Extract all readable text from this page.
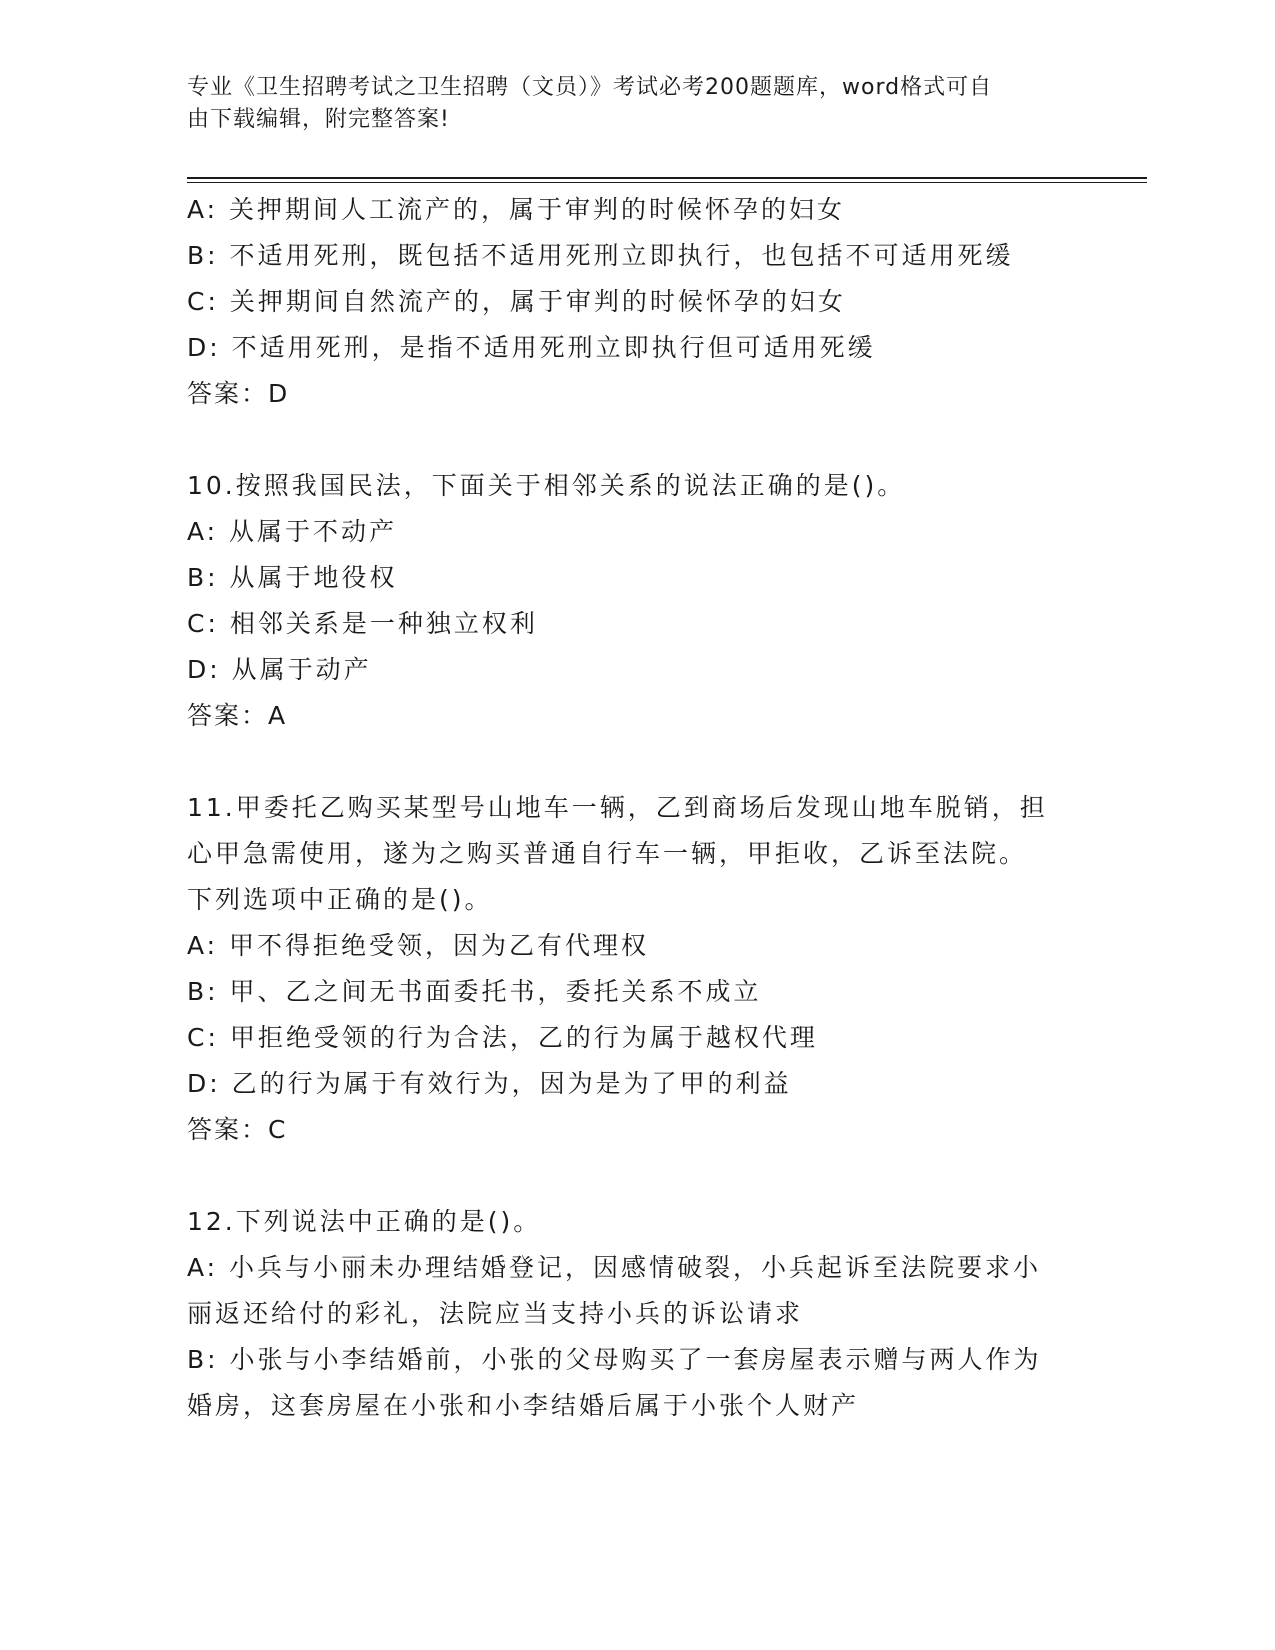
专业《卫生招聘考试之卫生招聘（文员）》考试必考200题题库，word格式可自
由下载编辑，附完整答案!
A: 关押期间人工流产的，属于审判的时候怀孕的妇女
B: 不适用死刑，既包括不适用死刑立即执行，也包括不可适用死缓
C: 关押期间自然流产的，属于审判的时候怀孕的妇女
D: 不适用死刑，是指不适用死刑立即执行但可适用死缓
答案：D
10.按照我国民法，下面关于相邻关系的说法正确的是()。
A: 从属于不动产
B: 从属于地役权
C: 相邻关系是一种独立权利
D: 从属于动产
答案：A
11.甲委托乙购买某型号山地车一辆，乙到商场后发现山地车脱销，担
心甲急需使用，遂为之购买普通自行车一辆，甲拒收，乙诉至法院。
下列选项中正确的是()。
A: 甲不得拒绝受领，因为乙有代理权
B: 甲、乙之间无书面委托书，委托关系不成立
C: 甲拒绝受领的行为合法，乙的行为属于越权代理
D: 乙的行为属于有效行为，因为是为了甲的利益
答案：C
12.下列说法中正确的是()。
A: 小兵与小丽未办理结婚登记，因感情破裂，小兵起诉至法院要求小
丽返还给付的彩礼，法院应当支持小兵的诉讼请求
B: 小张与小李结婚前，小张的父母购买了一套房屋表示赠与两人作为
婚房，这套房屋在小张和小李结婚后属于小张个人财产
